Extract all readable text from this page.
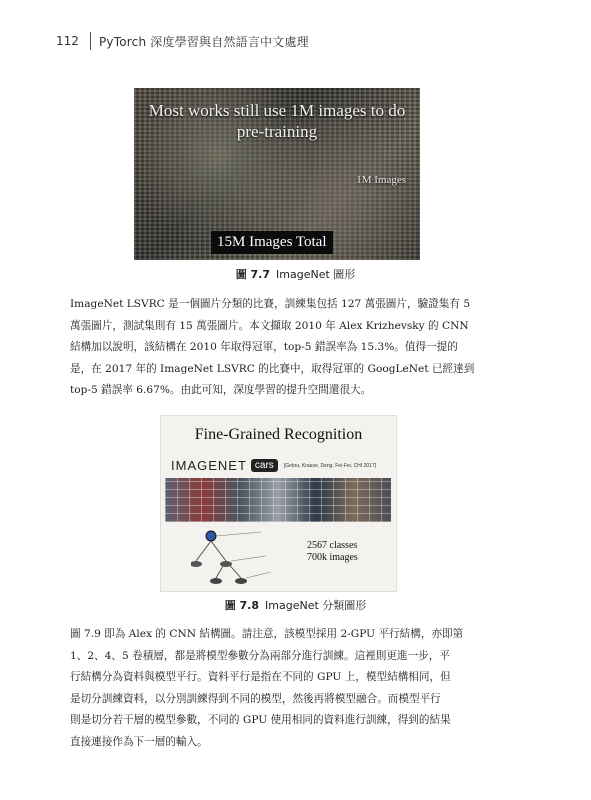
112	PyTorch 深度學習與自然語言中文處理
Most works still use 1M images to do pre-training
1M Images
15M Images Total
圖 7.7 ImageNet 圖形
ImageNet LSVRC 是一個圖片分類的比賽，訓練集包括 127 萬張圖片，驗證集有 5
萬張圖片，測試集則有 15 萬張圖片。本文擷取 2010 年 Alex Krizhevsky 的 CNN
結構加以說明，該結構在 2010 年取得冠軍，top-5 錯誤率為 15.3%。值得一提的
是，在 2017 年的 ImageNet LSVRC 的比賽中，取得冠軍的 GoogLeNet 已經達到
top-5 錯誤率 6.67%。由此可知，深度學習的提升空間還很大。
Fine-Grained Recognition
IMAGENET cars	[Gebru, Krause, Deng, Fei-Fei, CHI 2017]
2567 classes
700k images
圖 7.8 ImageNet 分類圖形
圖 7.9 即為 Alex 的 CNN 結構圖。請注意，該模型採用 2-GPU 平行結構，亦即第
1、2、4、5 卷積層，都是將模型參數分為兩部分進行訓練。這裡則更進一步，平
行結構分為資料與模型平行。資料平行是指在不同的 GPU 上，模型結構相同，但
是切分訓練資料，以分別訓練得到不同的模型，然後再將模型融合。而模型平行
則是切分若干層的模型參數，不同的 GPU 使用相同的資料進行訓練，得到的結果
直接連接作為下一層的輸入。
